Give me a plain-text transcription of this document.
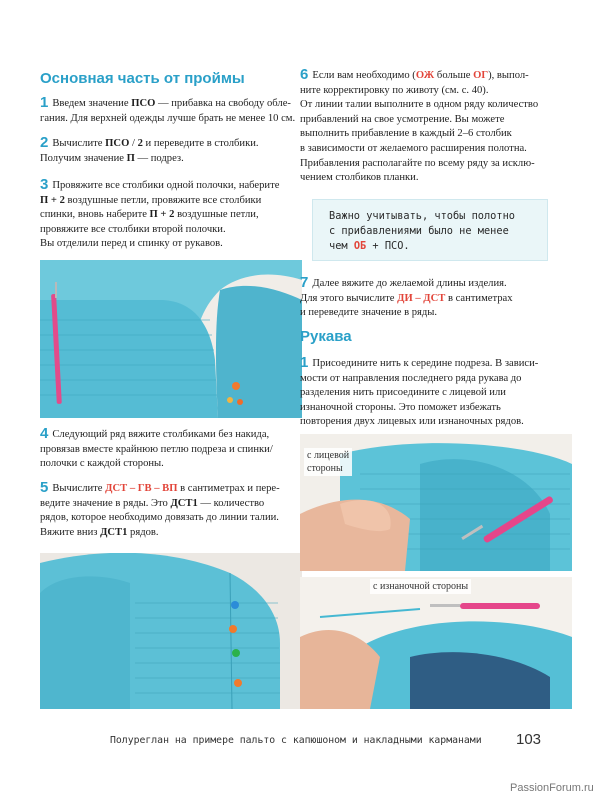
Основная часть от проймы
1 Введем значение ПСО — прибавка на свободу обле-
гания. Для верхней одежды лучше брать не менее 10 см.
2 Вычислите ПСО / 2 и переведите в столбики.
Получим значение П — подрез.
3 Провяжите все столбики одной полочки, наберите
П + 2 воздушные петли, провяжите все столбики
спинки, вновь наберите П + 2 воздушные петли,
провяжите все столбики второй полочки.
Вы отделили перед и спинку от рукавов.
4 Следующий ряд вяжите столбиками без накида,
провязав вместе крайнюю петлю подреза и спинки/
полочки с каждой стороны.
5 Вычислите ДСТ – ГВ – ВП в сантиметрах и пере-
ведите значение в ряды. Это ДСТ1 — количество
рядов, которое необходимо довязать до линии талии.
Вяжите вниз ДСТ1 рядов.
6 Если вам необходимо (ОЖ больше ОГ), выпол-
ните корректировку по животу (см. с. 40).
От линии талии выполните в одном ряду количество
прибавлений на свое усмотрение. Вы можете
выполнить прибавление в каждый 2–6 столбик
в зависимости от желаемого расширения полотна.
Прибавления располагайте по всему ряду за исклю-
чением столбиков планки.
Важно учитывать, чтобы полотно
с прибавлениями было не менее
чем ОБ + ПСО.
7 Далее вяжите до желаемой длины изделия.
Для этого вычислите ДИ – ДСТ в сантиметрах
и переведите значение в ряды.
Рукава
1 Присоедините нить к середине подреза. В зависи-
мости от направления последнего ряда рукава до
разделения нить присоедините с лицевой или
изнаночной стороны. Это поможет избежать
повторения двух лицевых или изнаночных рядов.
с лицевой
стороны
с изнаночной стороны
Полуреглан на примере пальто с капюшоном и накладными карманами 103
PassionForum.ru
